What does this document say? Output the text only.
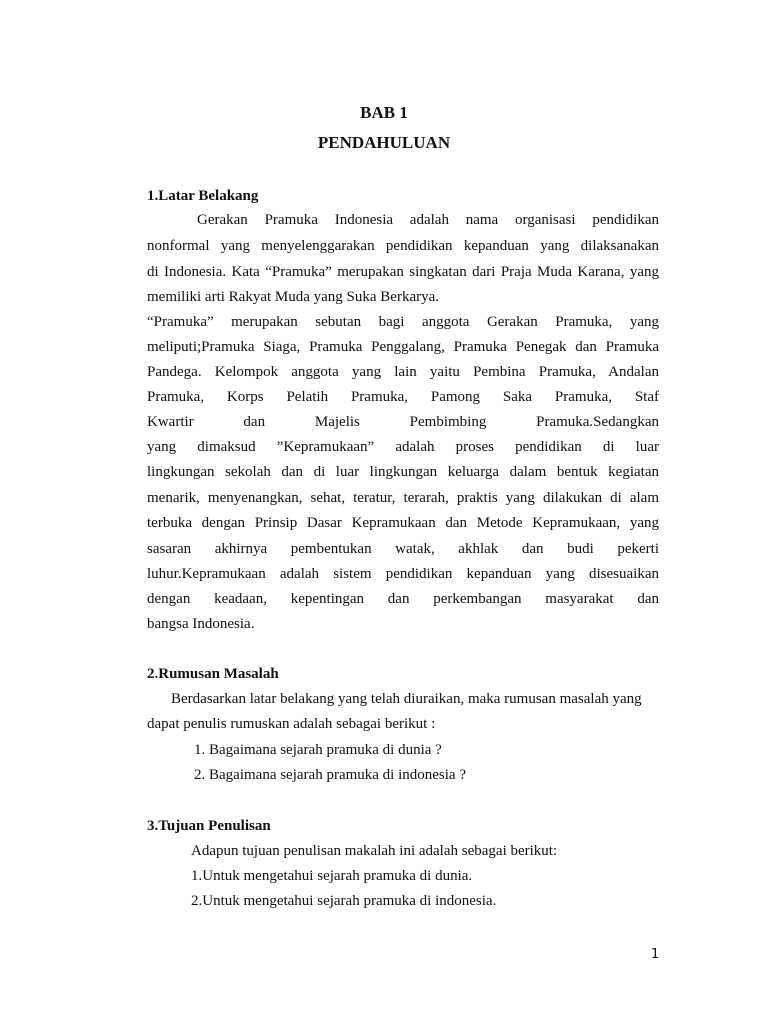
BAB 1
PENDAHULUAN
1.Latar Belakang
Gerakan Pramuka Indonesia adalah nama organisasi pendidikan
nonformal yang menyelenggarakan pendidikan kepanduan yang dilaksanakan
di Indonesia. Kata “Pramuka” merupakan singkatan dari Praja Muda Karana, yang
memiliki arti Rakyat Muda yang Suka Berkarya.
“Pramuka” merupakan sebutan bagi anggota Gerakan Pramuka, yang
meliputi;Pramuka Siaga, Pramuka Penggalang, Pramuka Penegak dan Pramuka
Pandega. Kelompok anggota yang lain yaitu Pembina Pramuka, Andalan
Pramuka, Korps Pelatih Pramuka, Pamong Saka Pramuka, Staf
Kwartir dan Majelis Pembimbing Pramuka.Sedangkan
yang dimaksud ”Kepramukaan” adalah proses pendidikan di luar
lingkungan sekolah dan di luar lingkungan keluarga dalam bentuk kegiatan
menarik, menyenangkan, sehat, teratur, terarah, praktis yang dilakukan di alam
terbuka dengan Prinsip Dasar Kepramukaan dan Metode Kepramukaan, yang
sasaran akhirnya pembentukan watak, akhlak dan budi pekerti
luhur.Kepramukaan adalah sistem pendidikan kepanduan yang disesuaikan
dengan keadaan, kepentingan dan perkembangan masyarakat dan
bangsa Indonesia.
2.Rumusan Masalah
Berdasarkan latar belakang yang telah diuraikan, maka rumusan masalah yang
dapat penulis rumuskan adalah sebagai berikut :
1. Bagaimana sejarah pramuka di dunia ?
2. Bagaimana sejarah pramuka di indonesia ?
3.Tujuan Penulisan
Adapun tujuan penulisan makalah ini adalah sebagai berikut:
1.Untuk mengetahui sejarah pramuka di dunia.
2.Untuk mengetahui sejarah pramuka di indonesia.
1
